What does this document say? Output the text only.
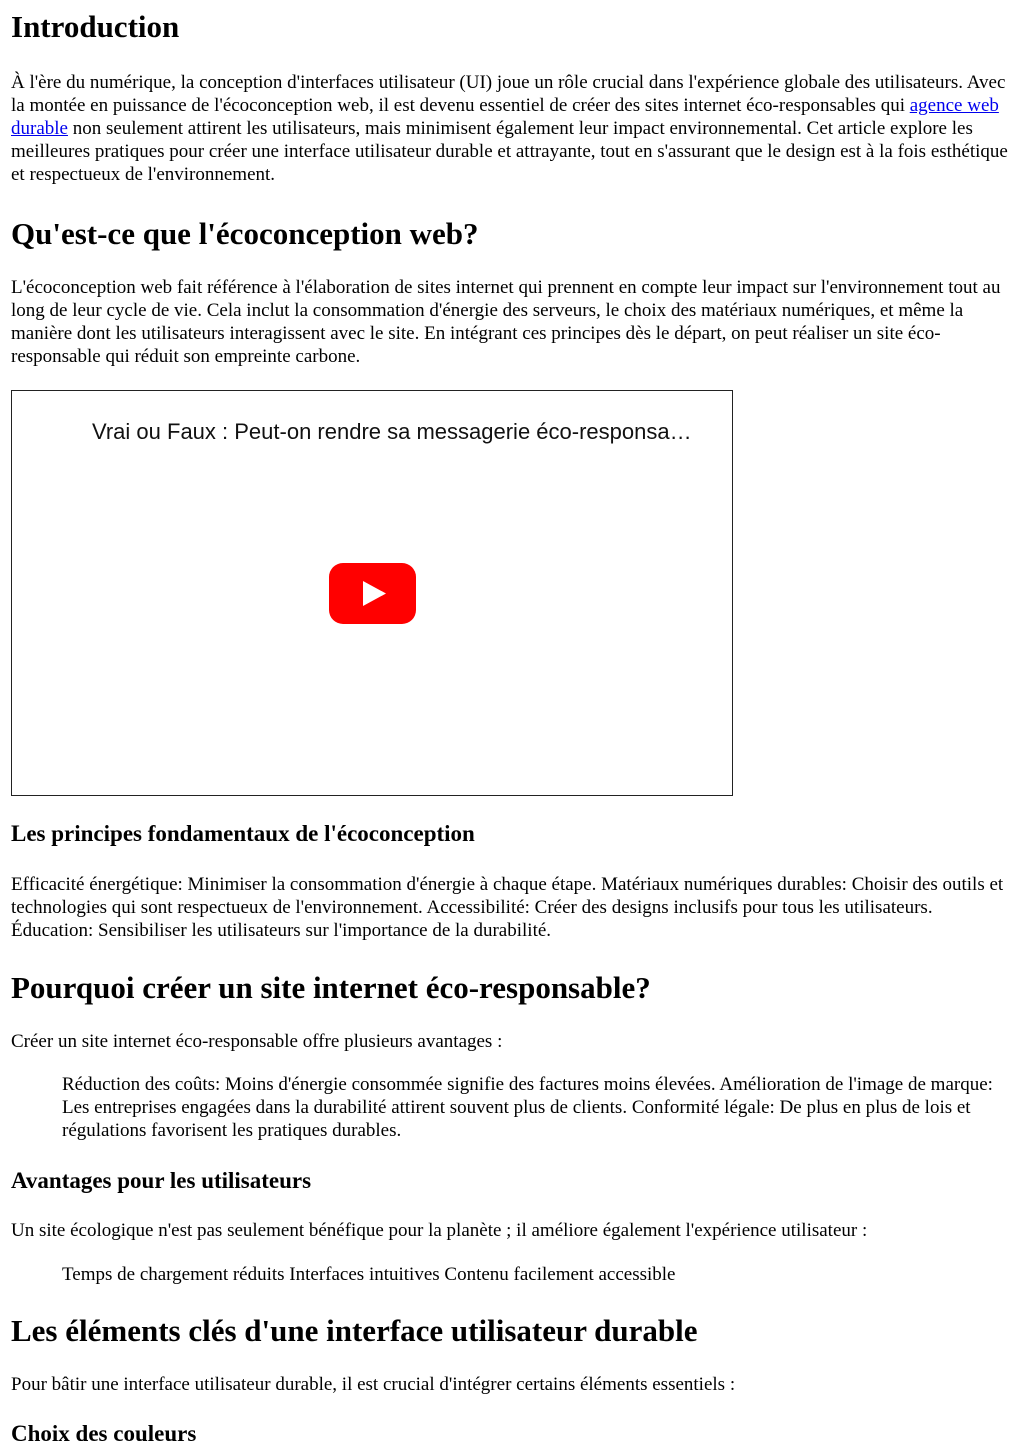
Introduction

À l'ère du numérique, la conception d'interfaces utilisateur (UI) joue un rôle crucial dans l'expérience globale des utilisateurs. Avec la montée en puissance de l'écoconception web, il est devenu essentiel de créer des sites internet éco-responsables qui agence web durable non seulement attirent les utilisateurs, mais minimisent également leur impact environnemental. Cet article explore les meilleures pratiques pour créer une interface utilisateur durable et attrayante, tout en s'assurant que le design est à la fois esthétique et respectueux de l'environnement.

Qu'est-ce que l'écoconception web?

L'écoconception web fait référence à l'élaboration de sites internet qui prennent en compte leur impact sur l'environnement tout au long de leur cycle de vie. Cela inclut la consommation d'énergie des serveurs, le choix des matériaux numériques, et même la manière dont les utilisateurs interagissent avec le site. En intégrant ces principes dès le départ, on peut réaliser un site éco-responsable qui réduit son empreinte carbone.

Vrai ou Faux : Peut-on rendre sa messagerie éco-responsa…
Les principes fondamentaux de l'écoconception

Efficacité énergétique: Minimiser la consommation d'énergie à chaque étape. Matériaux numériques durables: Choisir des outils et technologies qui sont respectueux de l'environnement. Accessibilité: Créer des designs inclusifs pour tous les utilisateurs. Éducation: Sensibiliser les utilisateurs sur l'importance de la durabilité.

Pourquoi créer un site internet éco-responsable?

Créer un site internet éco-responsable offre plusieurs avantages :

Réduction des coûts: Moins d'énergie consommée signifie des factures moins élevées. Amélioration de l'image de marque: Les entreprises engagées dans la durabilité attirent souvent plus de clients. Conformité légale: De plus en plus de lois et régulations favorisent les pratiques durables.
Avantages pour les utilisateurs

Un site écologique n'est pas seulement bénéfique pour la planète ; il améliore également l'expérience utilisateur :

Temps de chargement réduits Interfaces intuitives Contenu facilement accessible
Les éléments clés d'une interface utilisateur durable

Pour bâtir une interface utilisateur durable, il est crucial d'intégrer certains éléments essentiels :

Choix des couleurs
